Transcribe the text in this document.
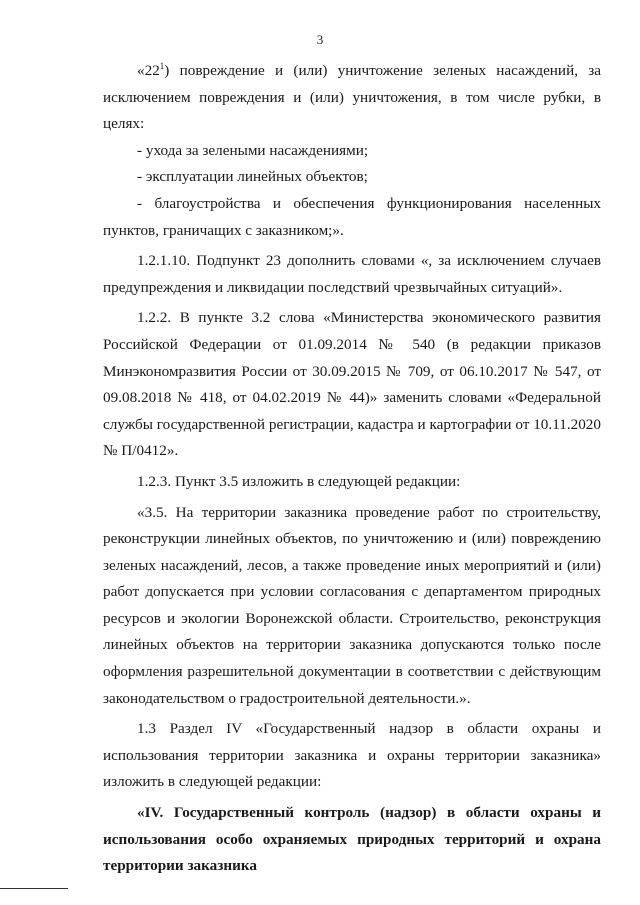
3

«$22^1$) повреждение и (или) уничтожение зеленых насаждений, за исключением повреждения и (или) уничтожения, в том числе рубки, в целях:

- ухода за зелеными насаждениями;

- эксплуатации линейных объектов;

- благоустройства и обеспечения функционирования населенных пунктов, граничащих с заказником;».

1.2.1.10. Подпункт 23 дополнить словами «, за исключением случаев предупреждения и ликвидации последствий чрезвычайных ситуаций».

1.2.2. В пункте 3.2 слова «Министерства экономического развития Российской Федерации от 01.09.2014 № 540 (в редакции приказов Минэкономразвития России от 30.09.2015 № 709, от 06.10.2017 № 547, от 09.08.2018 № 418, от 04.02.2019 № 44)» заменить словами «Федеральной службы государственной регистрации, кадастра и картографии от 10.11.2020 № П/0412».

1.2.3. Пункт 3.5 изложить в следующей редакции:

«3.5. На территории заказника проведение работ по строительству, реконструкции линейных объектов, по уничтожению и (или) повреждению зеленых насаждений, лесов, а также проведение иных мероприятий и (или) работ допускается при условии согласования с департаментом природных ресурсов и экологии Воронежской области. Строительство, реконструкция линейных объектов на территории заказника допускаются только после оформления разрешительной документации в соответствии с действующим законодательством о градостроительной деятельности.».

1.3 Раздел IV «Государственный надзор в области охраны и использования территории заказника и охраны территории заказника» изложить в следующей редакции:

«IV. Государственный контроль (надзор) в области охраны и использования особо охраняемых природных территорий и охрана территории заказника
